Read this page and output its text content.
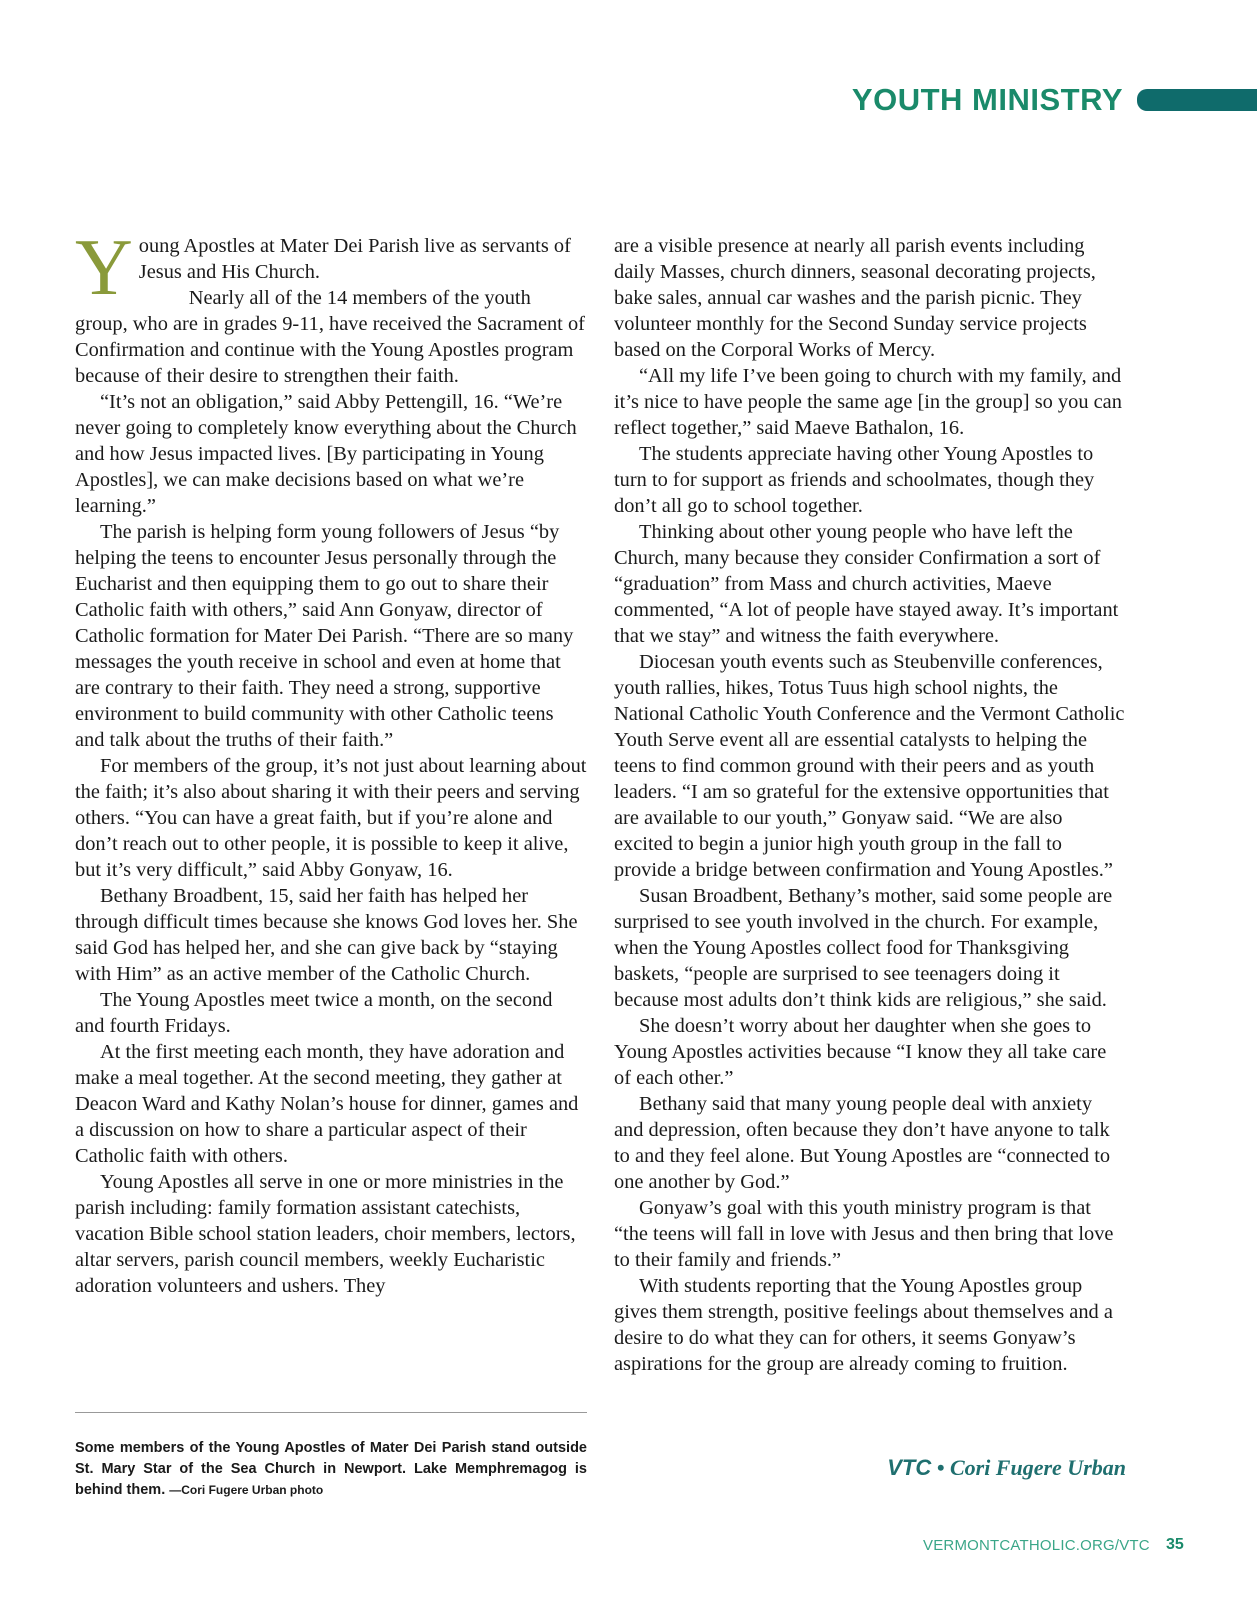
YOUTH MINISTRY

Young Apostles at Mater Dei Parish live as servants of Jesus and His Church.

Nearly all of the 14 members of the youth group, who are in grades 9-11, have received the Sacrament of Confirmation and continue with the Young Apostles program because of their desire to strengthen their faith.

“It’s not an obligation,” said Abby Pettengill, 16. “We’re never going to completely know everything about the Church and how Jesus impacted lives. [By participating in Young Apostles], we can make decisions based on what we’re learning.”

The parish is helping form young followers of Jesus “by helping the teens to encounter Jesus personally through the Eucharist and then equipping them to go out to share their Catholic faith with others,” said Ann Gonyaw, director of Catholic formation for Mater Dei Parish. “There are so many messages the youth receive in school and even at home that are contrary to their faith. They need a strong, supportive environment to build community with other Catholic teens and talk about the truths of their faith.”

For members of the group, it’s not just about learning about the faith; it’s also about sharing it with their peers and serving others. “You can have a great faith, but if you’re alone and don’t reach out to other people, it is possible to keep it alive, but it’s very difficult,” said Abby Gonyaw, 16.

Bethany Broadbent, 15, said her faith has helped her through difficult times because she knows God loves her. She said God has helped her, and she can give back by “staying with Him” as an active member of the Catholic Church.

The Young Apostles meet twice a month, on the second and fourth Fridays.

At the first meeting each month, they have adoration and make a meal together. At the second meeting, they gather at Deacon Ward and Kathy Nolan’s house for dinner, games and a discussion on how to share a particular aspect of their Catholic faith with others.

Young Apostles all serve in one or more ministries in the parish including: family formation assistant catechists, vacation Bible school station leaders, choir members, lectors, altar servers, parish council members, weekly Eucharistic adoration volunteers and ushers. They

are a visible presence at nearly all parish events including daily Masses, church dinners, seasonal decorating projects, bake sales, annual car washes and the parish picnic. They volunteer monthly for the Second Sunday service projects based on the Corporal Works of Mercy.

“All my life I’ve been going to church with my family, and it’s nice to have people the same age [in the group] so you can reflect together,” said Maeve Bathalon, 16.

The students appreciate having other Young Apostles to turn to for support as friends and schoolmates, though they don’t all go to school together.

Thinking about other young people who have left the Church, many because they consider Confirmation a sort of “graduation” from Mass and church activities, Maeve commented, “A lot of people have stayed away. It’s important that we stay” and witness the faith everywhere.

Diocesan youth events such as Steubenville conferences, youth rallies, hikes, Totus Tuus high school nights, the National Catholic Youth Conference and the Vermont Catholic Youth Serve event all are essential catalysts to helping the teens to find common ground with their peers and as youth leaders. “I am so grateful for the extensive opportunities that are available to our youth,” Gonyaw said. “We are also excited to begin a junior high youth group in the fall to provide a bridge between confirmation and Young Apostles.”

Susan Broadbent, Bethany’s mother, said some people are surprised to see youth involved in the church. For example, when the Young Apostles collect food for Thanksgiving baskets, “people are surprised to see teenagers doing it because most adults don’t think kids are religious,” she said.

She doesn’t worry about her daughter when she goes to Young Apostles activities because “I know they all take care of each other.”

Bethany said that many young people deal with anxiety and depression, often because they don’t have anyone to talk to and they feel alone. But Young Apostles are “connected to one another by God.”

Gonyaw’s goal with this youth ministry program is that “the teens will fall in love with Jesus and then bring that love to their family and friends.”

With students reporting that the Young Apostles group gives them strength, positive feelings about themselves and a desire to do what they can for others, it seems Gonyaw’s aspirations for the group are already coming to fruition.

Some members of the Young Apostles of Mater Dei Parish stand outside St. Mary Star of the Sea Church in Newport. Lake Memphremagog is behind them. —Cori Fugere Urban photo
VTC • Cori Fugere Urban
VERMONTCATHOLIC.ORG/VTC 35
